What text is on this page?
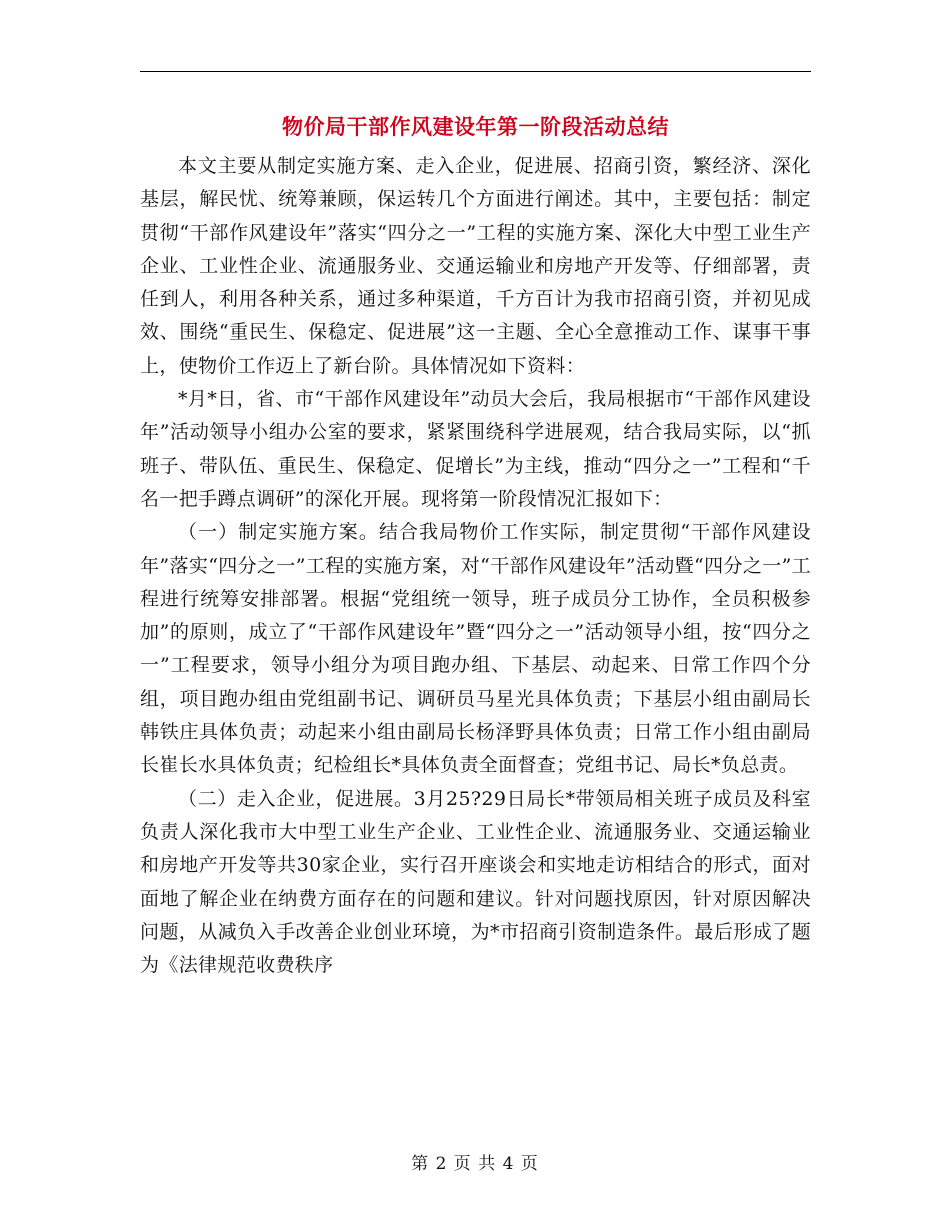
物价局干部作风建设年第一阶段活动总结

本文主要从制定实施方案、走入企业，促进展、招商引资，繁经济、深化基层，解民忧、统筹兼顾，保运转几个方面进行阐述。其中，主要包括：制定贯彻“干部作风建设年”落实“四分之一”工程的实施方案、深化大中型工业生产企业、工业性企业、流通服务业、交通运输业和房地产开发等、仔细部署，责任到人，利用各种关系，通过多种渠道，千方百计为我市招商引资，并初见成效、围绕“重民生、保稳定、促进展”这一主题、全心全意推动工作、谋事干事上，使物价工作迈上了新台阶。具体情况如下资料：

*月*日，省、市“干部作风建设年”动员大会后，我局根据市“干部作风建设年”活动领导小组办公室的要求，紧紧围绕科学进展观，结合我局实际，以“抓班子、带队伍、重民生、保稳定、促增长”为主线，推动“四分之一”工程和“千名一把手蹲点调研”的深化开展。现将第一阶段情况汇报如下：

（一）制定实施方案。结合我局物价工作实际，制定贯彻“干部作风建设年”落实“四分之一”工程的实施方案，对“干部作风建设年”活动暨“四分之一”工程进行统筹安排部署。根据“党组统一领导，班子成员分工协作，全员积极参加”的原则，成立了“干部作风建设年”暨“四分之一”活动领导小组，按“四分之一”工程要求，领导小组分为项目跑办组、下基层、动起来、日常工作四个分组，项目跑办组由党组副书记、调研员马星光具体负责；下基层小组由副局长韩铁庄具体负责；动起来小组由副局长杨泽野具体负责；日常工作小组由副局长崔长水具体负责；纪检组长*具体负责全面督查；党组书记、局长*负总责。

（二）走入企业，促进展。3月25?29日局长*带领局相关班子成员及科室负责人深化我市大中型工业生产企业、工业性企业、流通服务业、交通运输业和房地产开发等共30家企业，实行召开座谈会和实地走访相结合的形式，面对面地了解企业在纳费方面存在的问题和建议。针对问题找原因，针对原因解决问题，从减负入手改善企业创业环境，为*市招商引资制造条件。最后形成了题为《法律规范收费秩序

第 2 页 共 4 页
